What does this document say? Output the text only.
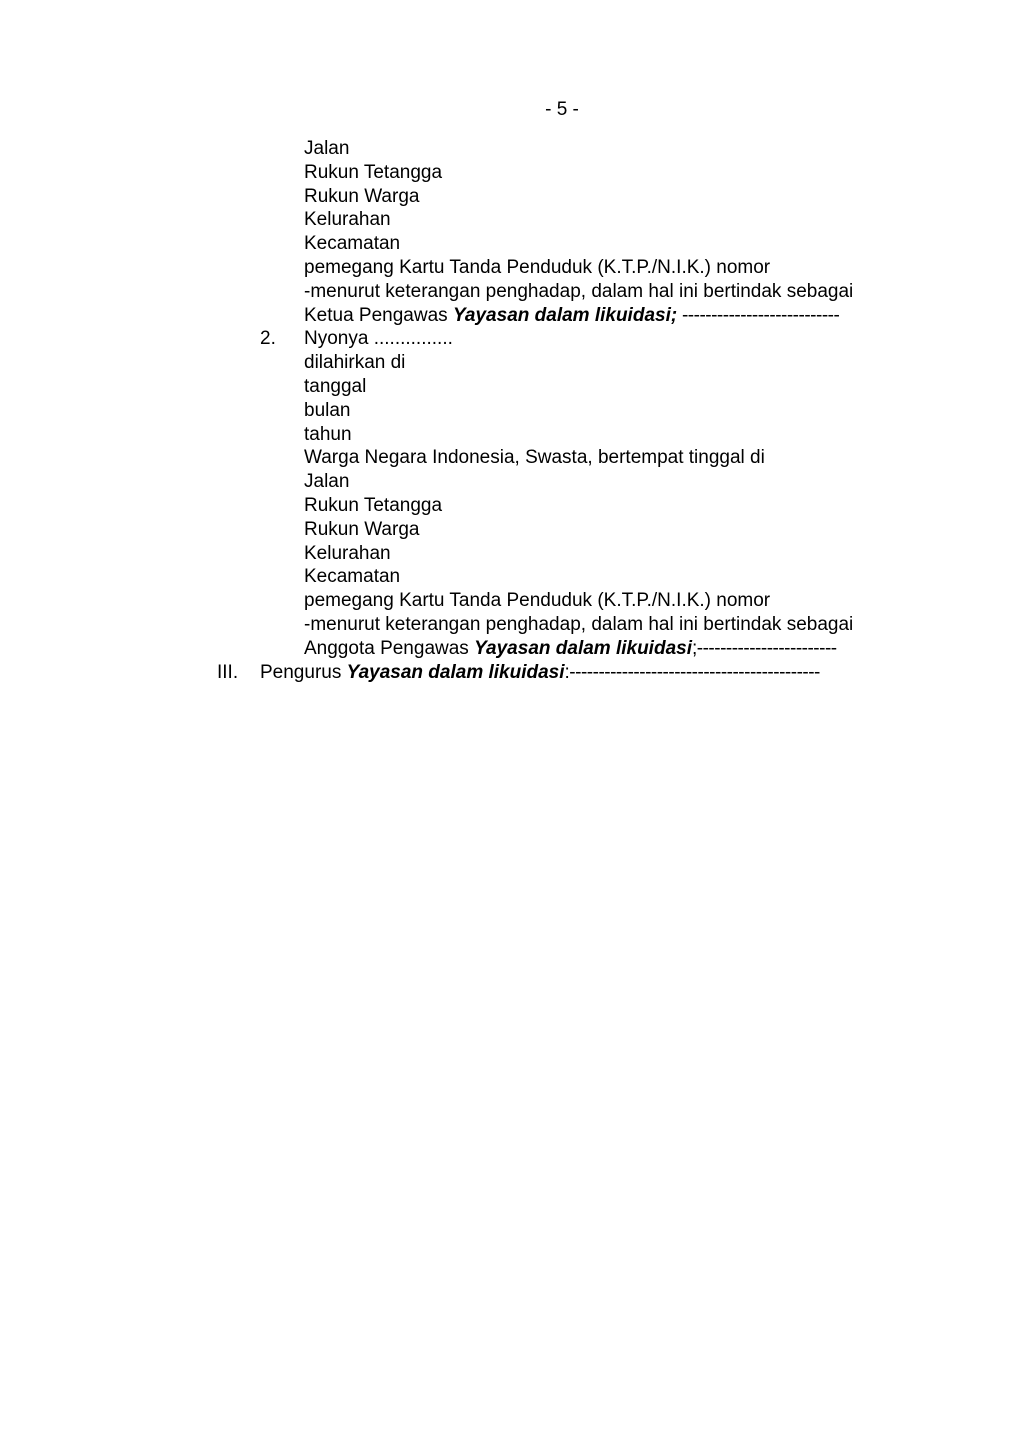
- 5 -
Jalan
Rukun Tetangga
Rukun Warga
Kelurahan
Kecamatan
pemegang Kartu Tanda Penduduk (K.T.P./N.I.K.) nomor
-menurut keterangan penghadap, dalam hal ini bertindak sebagai
Ketua Pengawas Yayasan dalam likuidasi; ---------------------------
2. Nyonya ...............
dilahirkan di
tanggal
bulan
tahun
Warga Negara Indonesia, Swasta, bertempat tinggal di
Jalan
Rukun Tetangga
Rukun Warga
Kelurahan
Kecamatan
pemegang Kartu Tanda Penduduk (K.T.P./N.I.K.) nomor
-menurut keterangan penghadap, dalam hal ini bertindak sebagai
Anggota Pengawas Yayasan dalam likuidasi;------------------------
III. Pengurus Yayasan dalam likuidasi:-------------------------------------------
